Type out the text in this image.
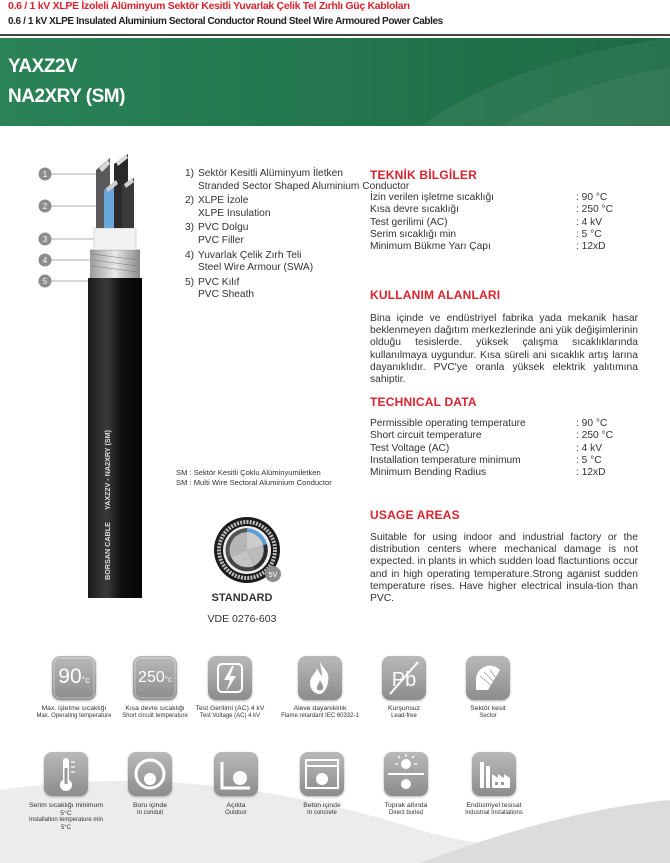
0.6 / 1 kV XLPE İzoleli Alüminyum Sektör Kesitli Yuvarlak Çelik Tel Zırhlı Güç Kabloları
0.6 / 1 kV XLPE Insulated Aluminium Sectoral Conductor Round Steel Wire Armoured Power Cables
YAXZ2V
NA2XRY (SM)
1
2
3
4
5
BORSAN CABLE
YAXZ2V - NA2XRY (SM)
1) Sektör Kesitli Alüminyum İletken
Stranded Sector Shaped Aluminium Conductor
2) XLPE İzole
XLPE Insulation
3) PVC Dolgu
PVC Filler
4) Yuvarlak Çelik Zırh Teli
Steel Wire Armour (SWA)
5) PVC Kılıf
PVC Sheath
SM : Sektör Kesitli Çoklu Alüminyumiletken
SM : Multi Wire Sectoral Aluminium Conductor
5V
STANDARD
VDE 0276-603
TEKNİK BİLGİLER
İzin verilen işletme sıcaklığı	: 90 °C
Kısa devre sıcaklığı	: 250 °C
Test gerilimi (AC)	: 4 kV
Serim sıcaklığı min	: 5 °C
Minimum Bükme Yarı Çapı	: 12xD
KULLANIM ALANLARI
Bina içinde ve endüstriyel fabrika yada mekanik hasar beklenmeyen dağıtım merkezlerinde ani yük değişimlerinin olduğu tesislerde. yüksek çalışma sıcaklıklarında kullanılmaya uygundur. Kısa süreli ani sıcaklık artış larına dayanıklıdır. PVC'ye oranla yüksek elektrik yalıtımına sahiptir.
TECHNICAL DATA
Permissible operating temperature	: 90 °C
Short circuit temperature	: 250 °C
Test Voltage (AC)	: 4 kV
Installation temperature minimum	: 5 °C
Minimum Bending Radius	: 12xD
USAGE AREAS
Suitable for using indoor and industrial factory or the distribution centers where mechanical damage is not expected. in plants in which sudden load flactuntions occur and in high operating temperature.Strong aganist sudden temperature rises. Have higher electrical insula-tion than PVC.
90°c
Max. işletme sıcaklığı
Max. Operating temperature
250°c
Kısa devre sıcaklığı
Short circuit temperature
Test Gerilimi (AC) 4 kV
Test Voltage (AC) 4 kV
Aleve dayanıklılık
Flame retardant IEC 60332-1
Pb
Kurşunsuz
Lead-free
Sektör kesit
Sector
Serim sıcaklığı minimum 5°C
Installation temperature min 5°C
Boru içinde
In conduit
Açıkta
Outdoor
Beton içinde
In concrete
Toprak altında
Direct buried
Endüstriyel tesisat
Industrial Installations
